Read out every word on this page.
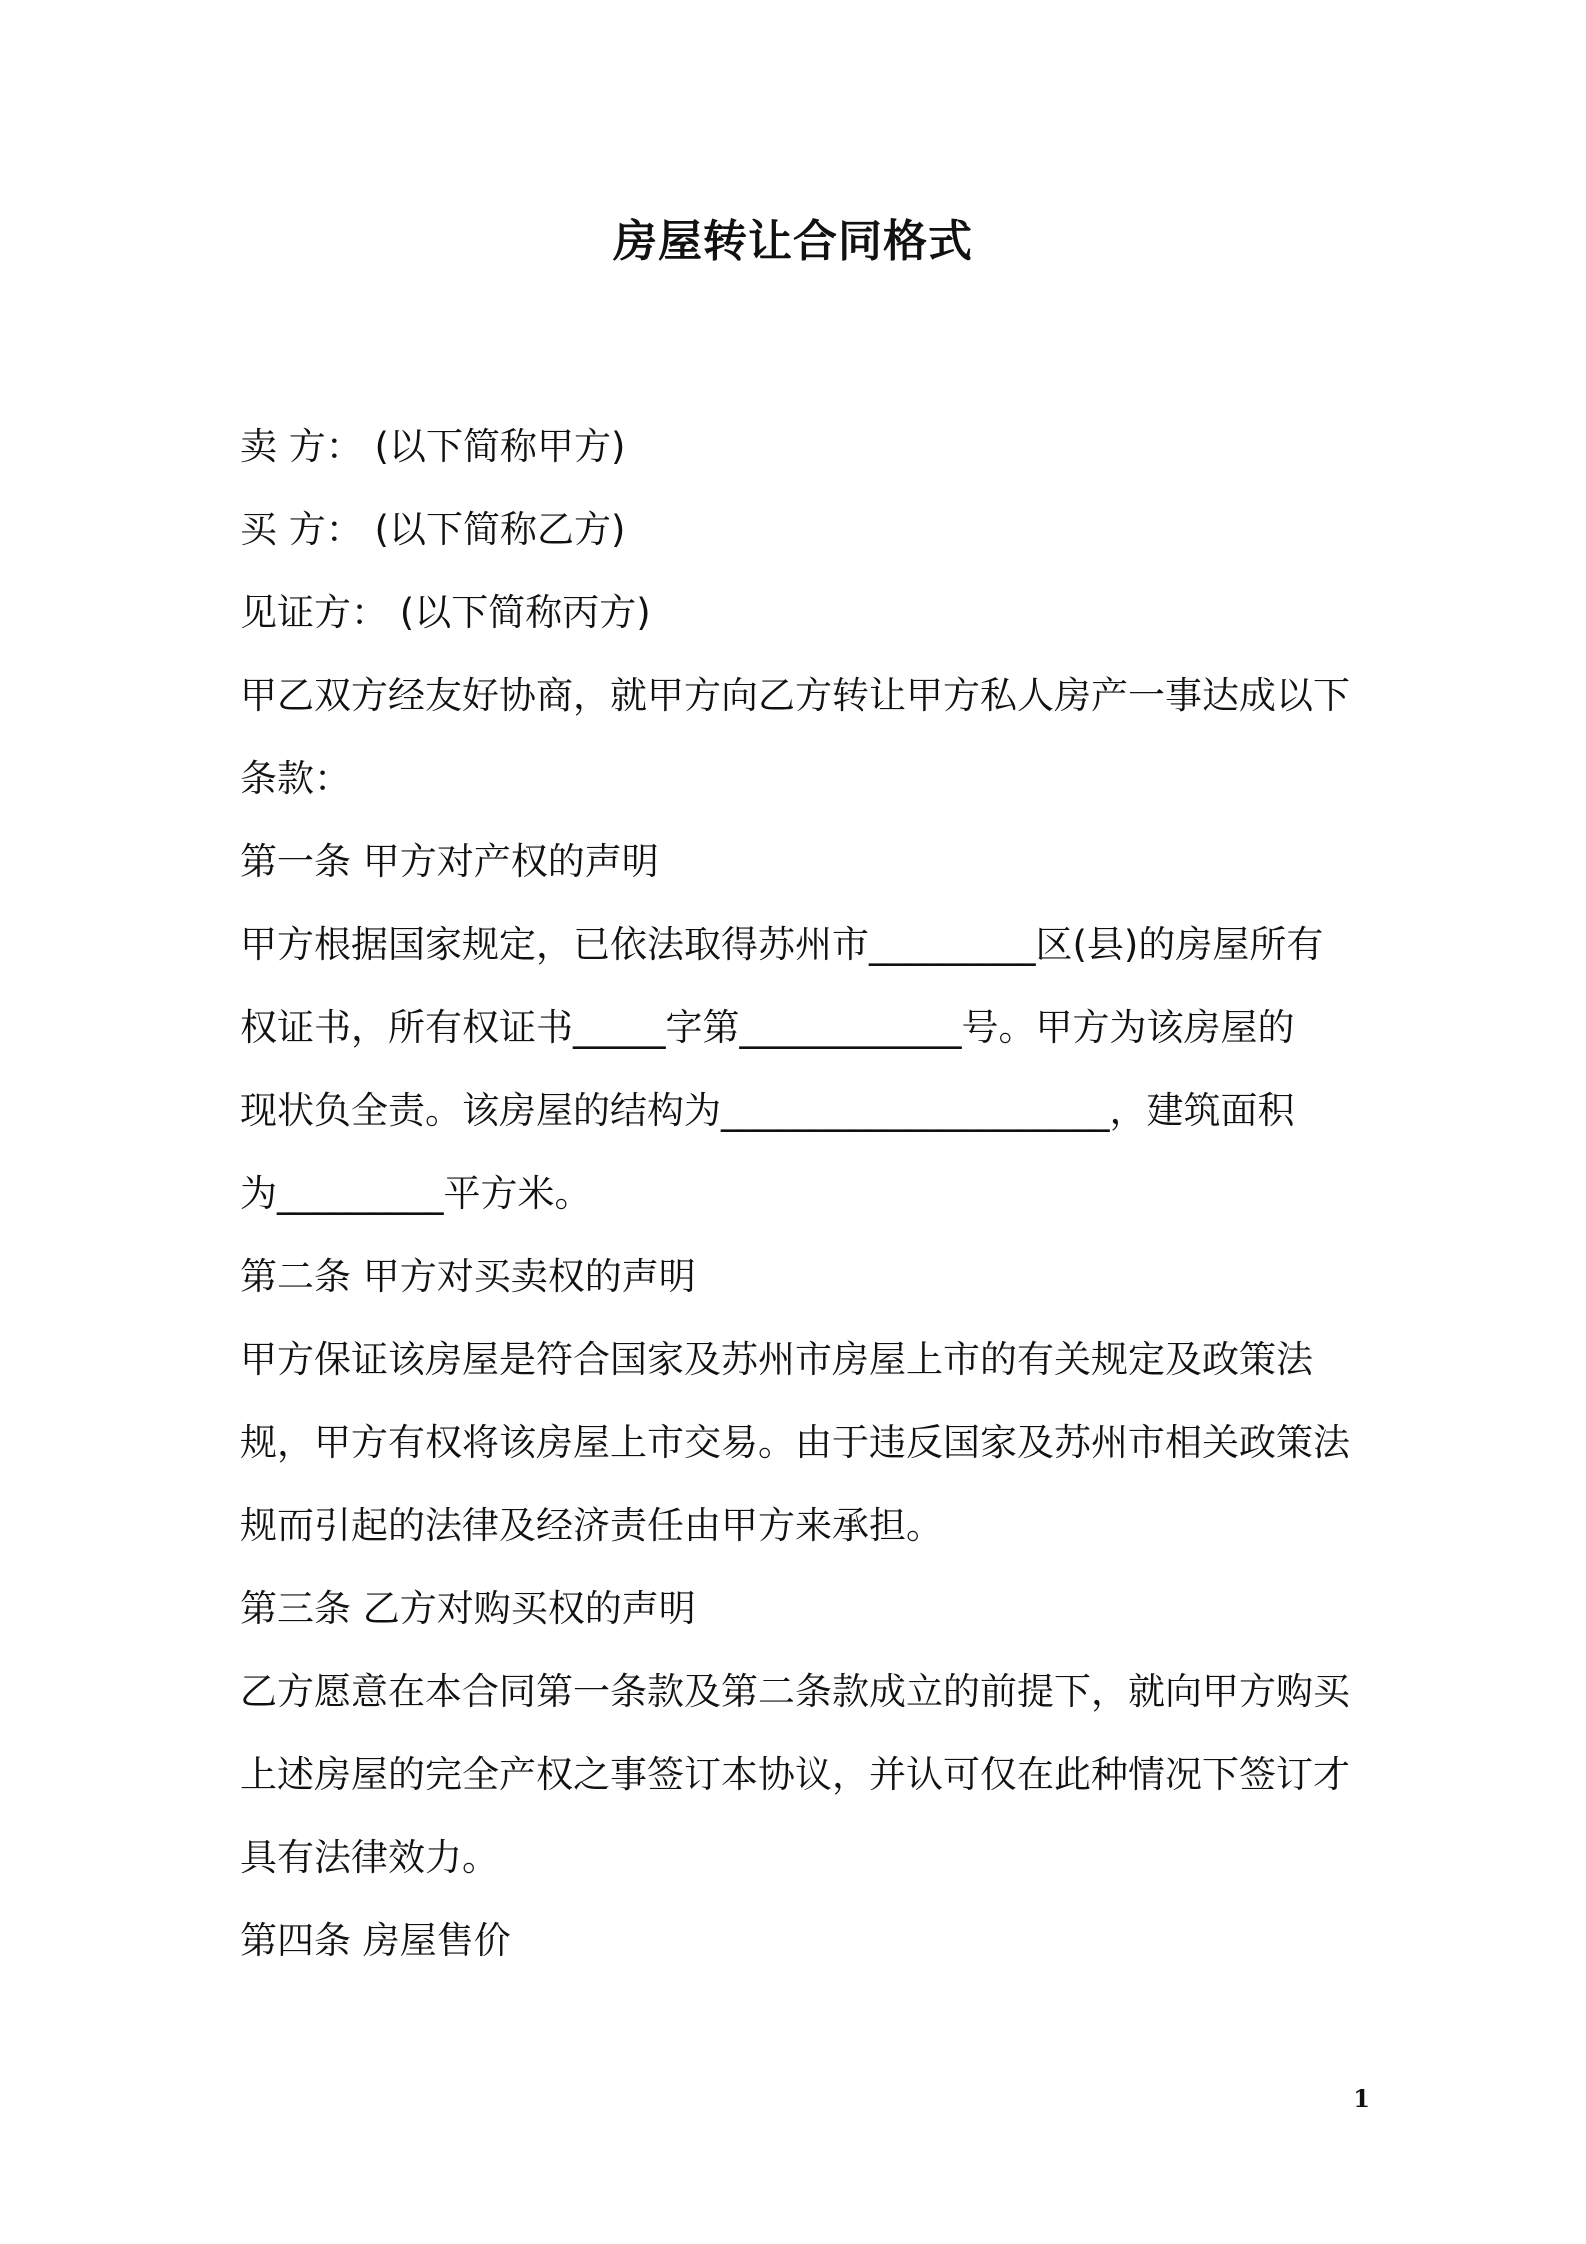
房屋转让合同格式
卖 方： (以下简称甲方)
买 方： (以下简称乙方)
见证方： (以下简称丙方)
甲乙双方经友好协商，就甲方向乙方转让甲方私人房产一事达成以下
条款：
第一条 甲方对产权的声明
甲方根据国家规定，已依法取得苏州市_________区(县)的房屋所有
权证书，所有权证书_____字第____________号。甲方为该房屋的
现状负全责。该房屋的结构为_____________________，建筑面积
为_________平方米。
第二条 甲方对买卖权的声明
甲方保证该房屋是符合国家及苏州市房屋上市的有关规定及政策法
规，甲方有权将该房屋上市交易。由于违反国家及苏州市相关政策法
规而引起的法律及经济责任由甲方来承担。
第三条 乙方对购买权的声明
乙方愿意在本合同第一条款及第二条款成立的前提下，就向甲方购买
上述房屋的完全产权之事签订本协议，并认可仅在此种情况下签订才
具有法律效力。
第四条 房屋售价
1
